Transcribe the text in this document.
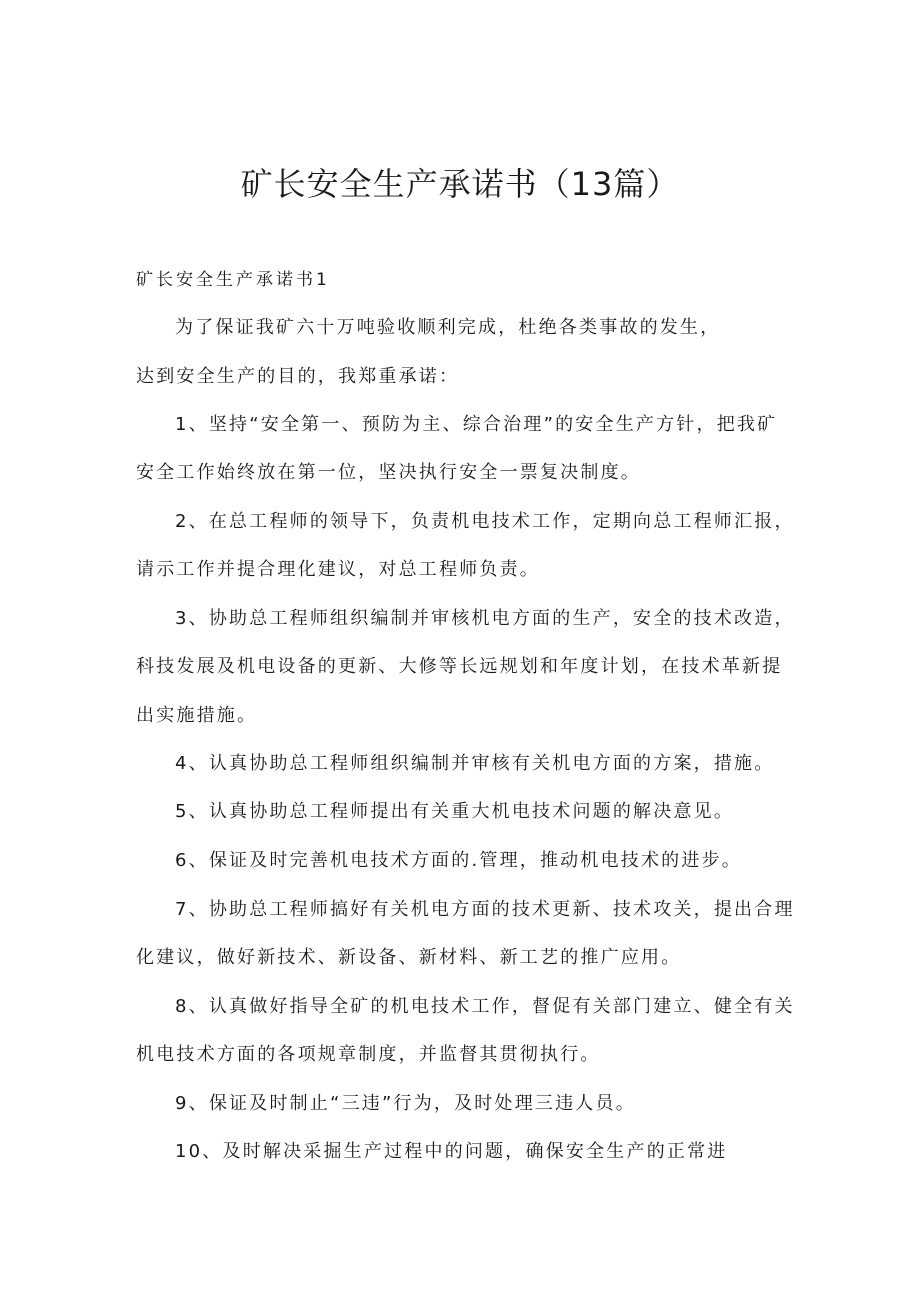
矿长安全生产承诺书（13篇）

矿长安全生产承诺书1

为了保证我矿六十万吨验收顺利完成，杜绝各类事故的发生，

达到安全生产的目的，我郑重承诺：

1、坚持“安全第一、预防为主、综合治理”的安全生产方针，把我矿

安全工作始终放在第一位，坚决执行安全一票复决制度。

2、在总工程师的领导下，负责机电技术工作，定期向总工程师汇报，

请示工作并提合理化建议，对总工程师负责。

3、协助总工程师组织编制并审核机电方面的生产，安全的技术改造，

科技发展及机电设备的更新、大修等长远规划和年度计划，在技术革新提

出实施措施。

4、认真协助总工程师组织编制并审核有关机电方面的方案，措施。

5、认真协助总工程师提出有关重大机电技术问题的解决意见。

6、保证及时完善机电技术方面的.管理，推动机电技术的进步。

7、协助总工程师搞好有关机电方面的技术更新、技术攻关，提出合理

化建议，做好新技术、新设备、新材料、新工艺的推广应用。

8、认真做好指导全矿的机电技术工作，督促有关部门建立、健全有关

机电技术方面的各项规章制度，并监督其贯彻执行。

9、保证及时制止“三违”行为，及时处理三违人员。

10、及时解决采掘生产过程中的问题，确保安全生产的正常进
